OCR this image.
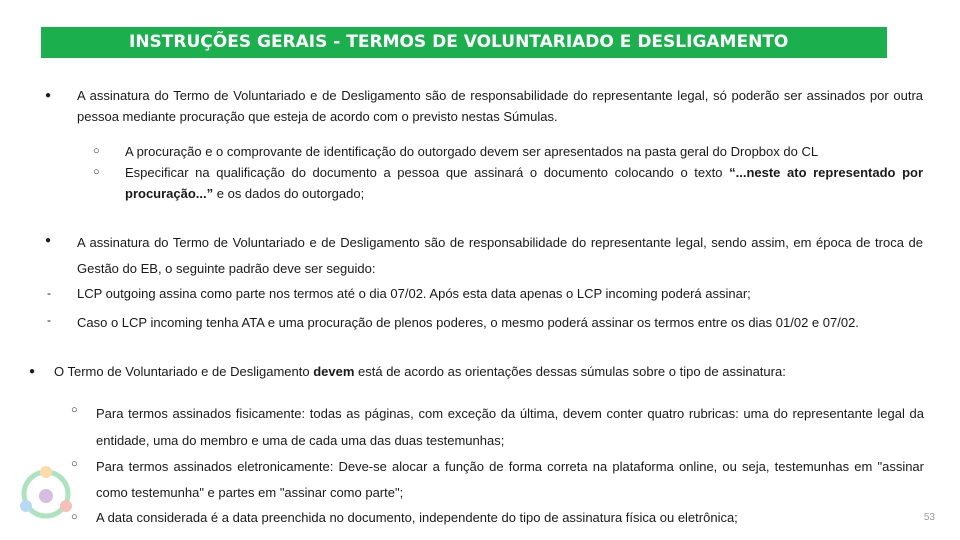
INSTRUÇÕES GERAIS - TERMOS DE VOLUNTARIADO E DESLIGAMENTO
● A assinatura do Termo de Voluntariado e de Desligamento são de responsabilidade do representante legal, só poderão ser assinados por outra pessoa mediante procuração que esteja de acordo com o previsto nestas Súmulas.
○ A procuração e o comprovante de identificação do outorgado devem ser apresentados na pasta geral do Dropbox do CL
○ Especificar na qualificação do documento a pessoa que assinará o documento colocando o texto “...neste ato representado por procuração...” e os dados do outorgado;
● A assinatura do Termo de Voluntariado e de Desligamento são de responsabilidade do representante legal, sendo assim, em época de troca de Gestão do EB, o seguinte padrão deve ser seguido:
- LCP outgoing assina como parte nos termos até o dia 07/02. Após esta data apenas o LCP incoming poderá assinar;
- Caso o LCP incoming tenha ATA e uma procuração de plenos poderes, o mesmo poderá assinar os termos entre os dias 01/02 e 07/02.
● O Termo de Voluntariado e de Desligamento devem está de acordo as orientações dessas súmulas sobre o tipo de assinatura:
○ Para termos assinados fisicamente: todas as páginas, com exceção da última, devem conter quatro rubricas: uma do representante legal da entidade, uma do membro e uma de cada uma das duas testemunhas;
○ Para termos assinados eletronicamente: Deve-se alocar a função de forma correta na plataforma online, ou seja, testemunhas em "assinar como testemunha" e partes em "assinar como parte";
○ A data considerada é a data preenchida no documento, independente do tipo de assinatura física ou eletrônica;	53
